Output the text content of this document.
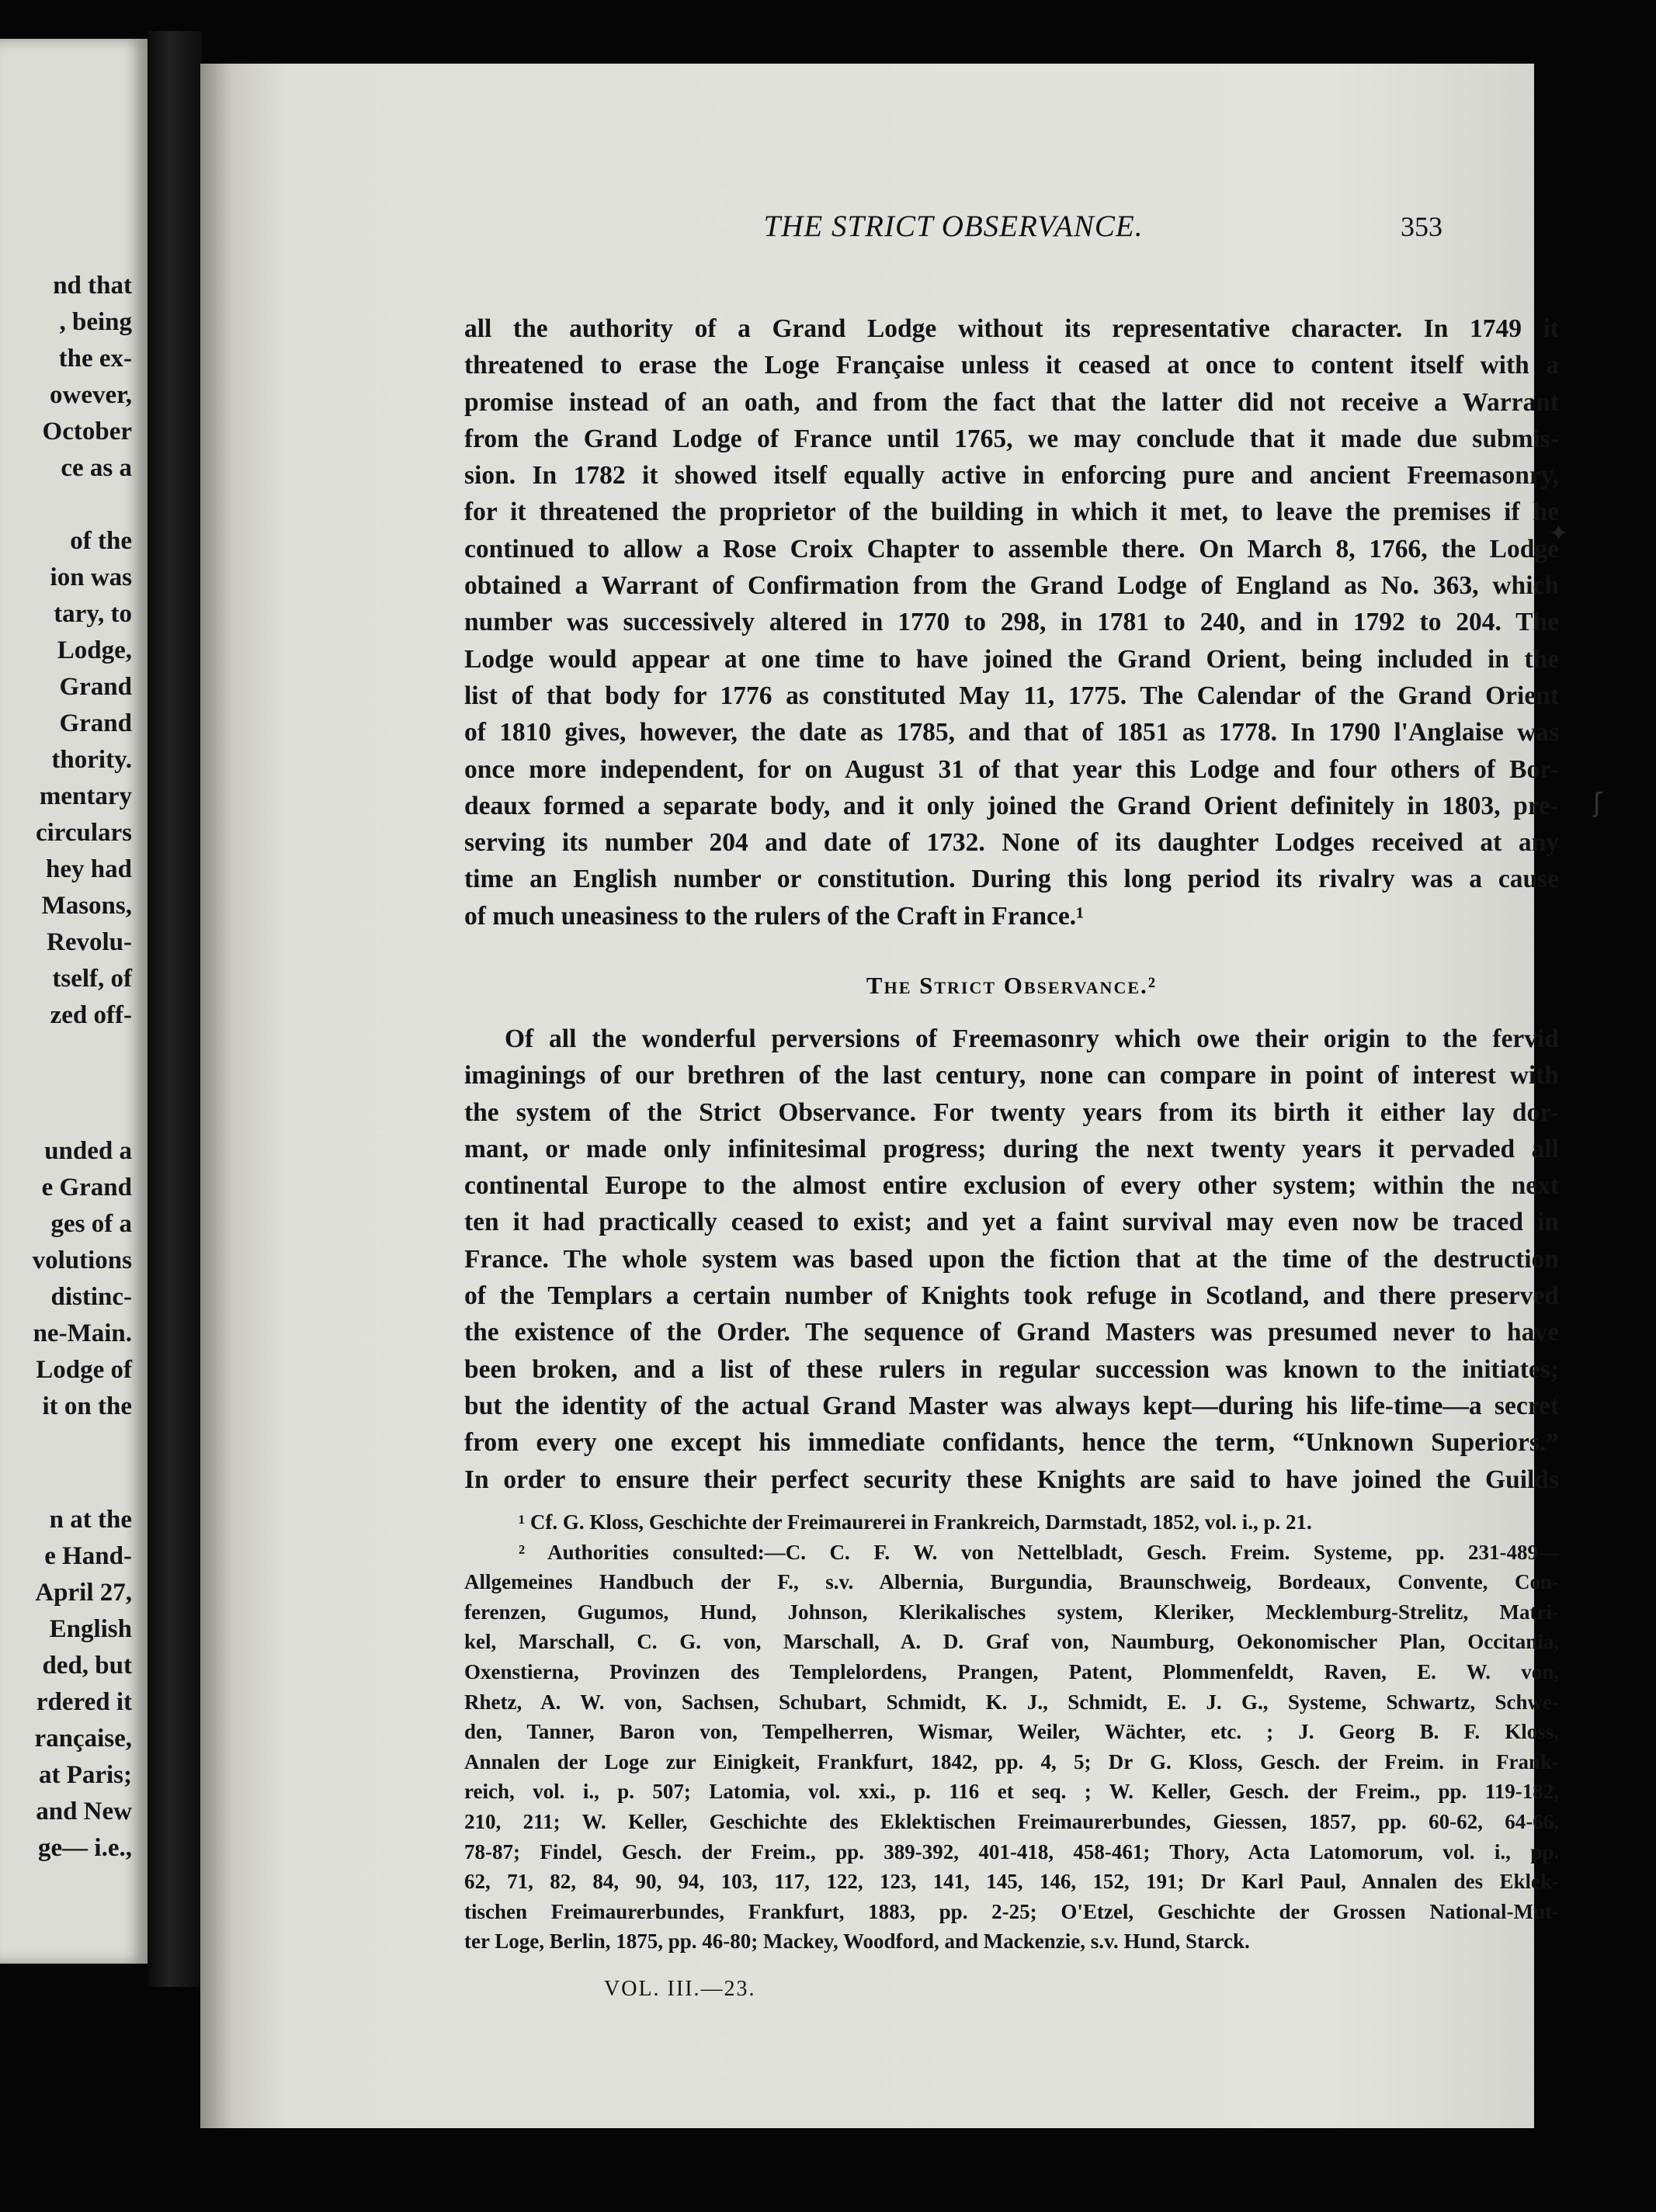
nd that
, being
the ex-
owever,
October
ce as a
of the
ion was
tary, to
Lodge,
Grand
Grand
thority.
mentary
circulars
hey had
Masons,
Revolu-
tself, of
zed off-
unded a
e Grand
ges of a
volutions
distinc-
ne-Main.
Lodge of
it on the
n at the
e Hand-
April 27,
English
ded, but
rdered it
rançaise,
at Paris;
and New
ge— i.e.,
THE STRICT OBSERVANCE.	353
all the authority of a Grand Lodge without its representative character. In 1749 it
threatened to erase the Loge Française unless it ceased at once to content itself with a
promise instead of an oath, and from the fact that the latter did not receive a Warrant
from the Grand Lodge of France until 1765, we may conclude that it made due submis-
sion. In 1782 it showed itself equally active in enforcing pure and ancient Freemasonry,
for it threatened the proprietor of the building in which it met, to leave the premises if he
continued to allow a Rose Croix Chapter to assemble there. On March 8, 1766, the Lodge
obtained a Warrant of Confirmation from the Grand Lodge of England as No. 363, which
number was successively altered in 1770 to 298, in 1781 to 240, and in 1792 to 204. The
Lodge would appear at one time to have joined the Grand Orient, being included in the
list of that body for 1776 as constituted May 11, 1775. The Calendar of the Grand Orient
of 1810 gives, however, the date as 1785, and that of 1851 as 1778. In 1790 l'Anglaise was
once more independent, for on August 31 of that year this Lodge and four others of Bor-
deaux formed a separate body, and it only joined the Grand Orient definitely in 1803, pre-
serving its number 204 and date of 1732. None of its daughter Lodges received at any
time an English number or constitution. During this long period its rivalry was a cause
of much uneasiness to the rulers of the Craft in France.¹
The Strict Observance.²
Of all the wonderful perversions of Freemasonry which owe their origin to the fervid
imaginings of our brethren of the last century, none can compare in point of interest with
the system of the Strict Observance. For twenty years from its birth it either lay dor-
mant, or made only infinitesimal progress; during the next twenty years it pervaded all
continental Europe to the almost entire exclusion of every other system; within the next
ten it had practically ceased to exist; and yet a faint survival may even now be traced in
France. The whole system was based upon the fiction that at the time of the destruction
of the Templars a certain number of Knights took refuge in Scotland, and there preserved
the existence of the Order. The sequence of Grand Masters was presumed never to have
been broken, and a list of these rulers in regular succession was known to the initiates;
but the identity of the actual Grand Master was always kept—during his life-time—a secret
from every one except his immediate confidants, hence the term, “Unknown Superiors.”
In order to ensure their perfect security these Knights are said to have joined the Guilds
¹ Cf. G. Kloss, Geschichte der Freimaurerei in Frankreich, Darmstadt, 1852, vol. i., p. 21.
² Authorities consulted:—C. C. F. W. von Nettelbladt, Gesch. Freim. Systeme, pp. 231-489—
Allgemeines Handbuch der F., s.v. Albernia, Burgundia, Braunschweig, Bordeaux, Convente, Con-
ferenzen, Gugumos, Hund, Johnson, Klerikalisches system, Kleriker, Mecklemburg-Strelitz, Matri-
kel, Marschall, C. G. von, Marschall, A. D. Graf von, Naumburg, Oekonomischer Plan, Occitania,
Oxenstierna, Provinzen des Templelordens, Prangen, Patent, Plommenfeldt, Raven, E. W. von,
Rhetz, A. W. von, Sachsen, Schubart, Schmidt, K. J., Schmidt, E. J. G., Systeme, Schwartz, Schwe-
den, Tanner, Baron von, Tempelherren, Wismar, Weiler, Wächter, etc. ; J. Georg B. F. Kloss,
Annalen der Loge zur Einigkeit, Frankfurt, 1842, pp. 4, 5; Dr G. Kloss, Gesch. der Freim. in Frank-
reich, vol. i., p. 507; Latomia, vol. xxi., p. 116 et seq. ; W. Keller, Gesch. der Freim., pp. 119-182,
210, 211; W. Keller, Geschichte des Eklektischen Freimaurerbundes, Giessen, 1857, pp. 60-62, 64-66,
78-87; Findel, Gesch. der Freim., pp. 389-392, 401-418, 458-461; Thory, Acta Latomorum, vol. i., pp.
62, 71, 82, 84, 90, 94, 103, 117, 122, 123, 141, 145, 146, 152, 191; Dr Karl Paul, Annalen des Eklek-
tischen Freimaurerbundes, Frankfurt, 1883, pp. 2-25; O'Etzel, Geschichte der Grossen National-Mut-
ter Loge, Berlin, 1875, pp. 46-80; Mackey, Woodford, and Mackenzie, s.v. Hund, Starck.
VOL. III.—23.
✦
ʃ
